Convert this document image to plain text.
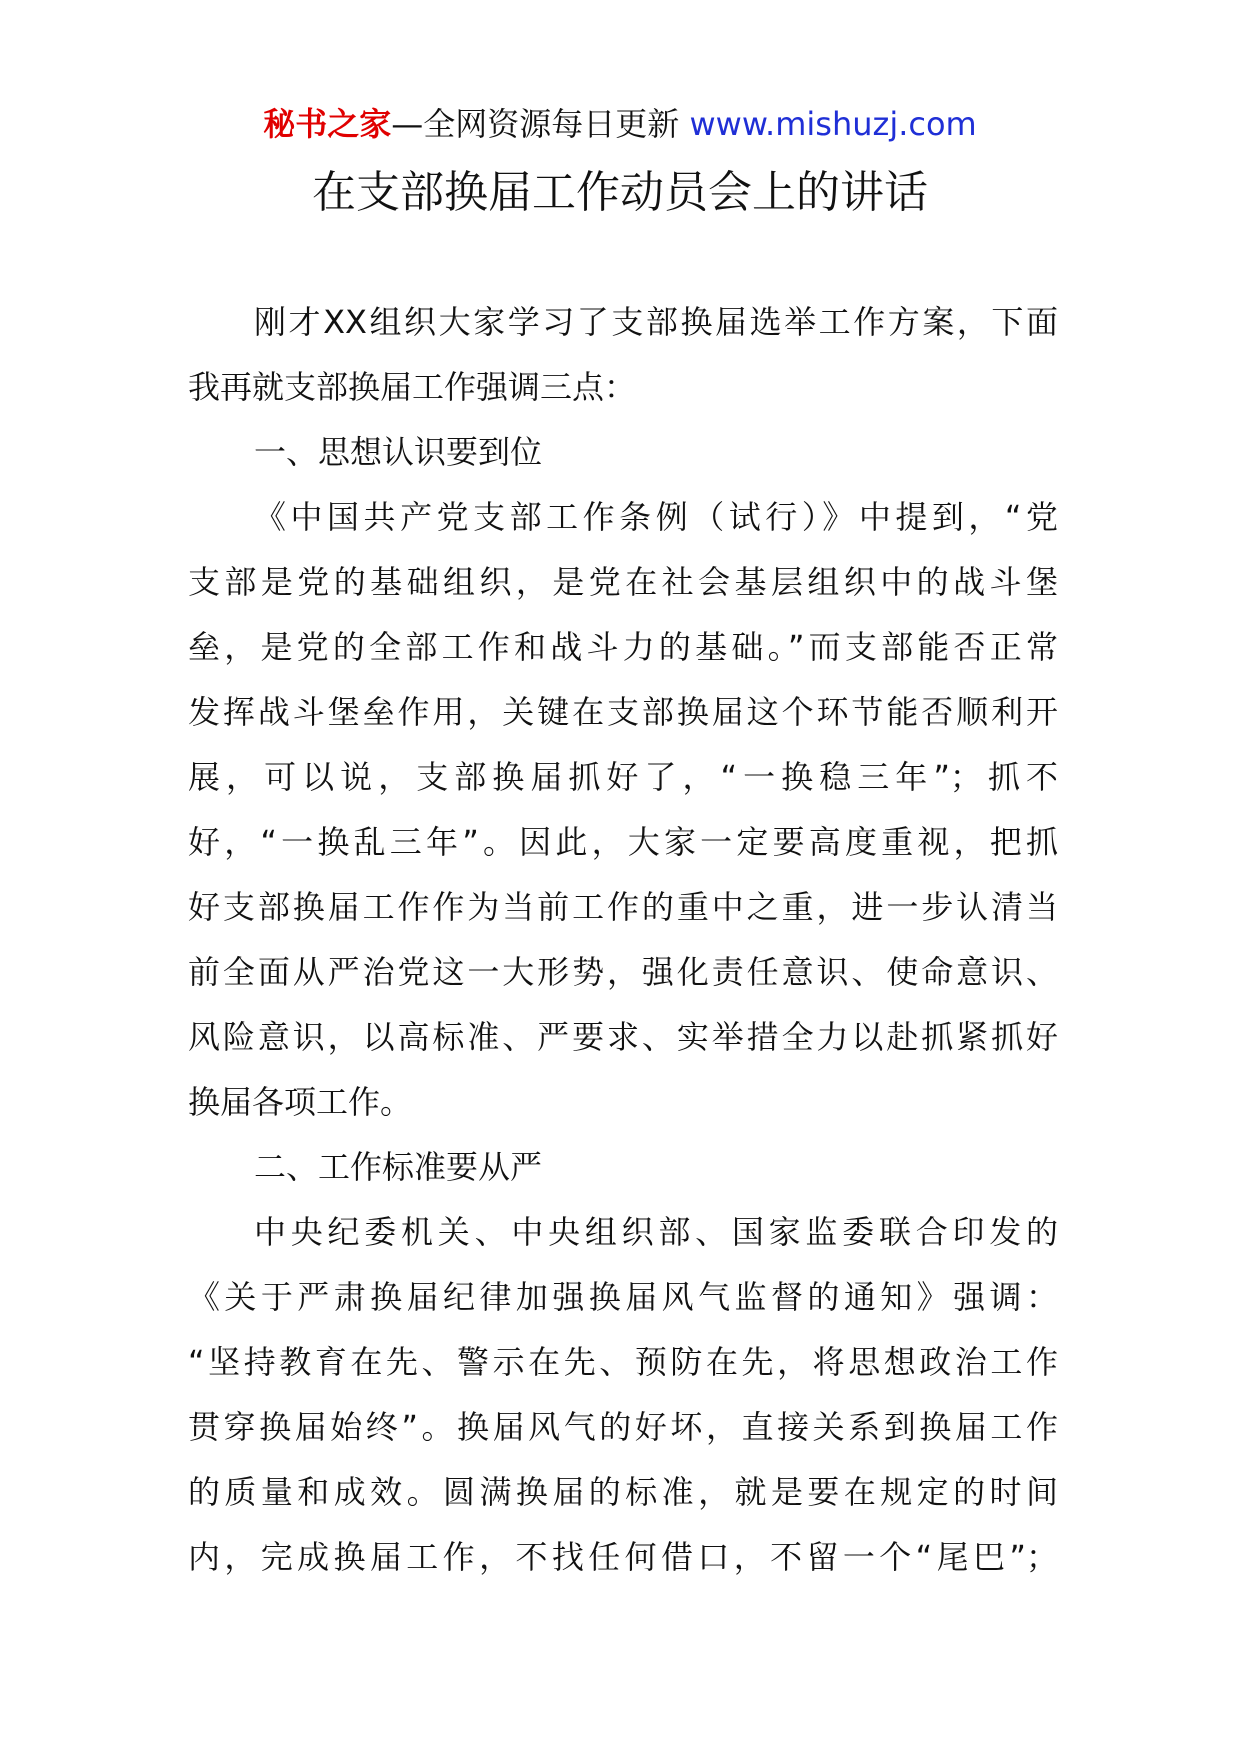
秘书之家—全网资源每日更新 www.mishuzj.com
在支部换届工作动员会上的讲话
刚才XX组织大家学习了支部换届选举工作方案，下面
我再就支部换届工作强调三点：
一、思想认识要到位
《中国共产党支部工作条例（试行）》中提到，“党
支部是党的基础组织，是党在社会基层组织中的战斗堡
垒，是党的全部工作和战斗力的基础。”而支部能否正常
发挥战斗堡垒作用，关键在支部换届这个环节能否顺利开
展，可以说，支部换届抓好了，“一换稳三年”；抓不
好，“一换乱三年”。因此，大家一定要高度重视，把抓
好支部换届工作作为当前工作的重中之重，进一步认清当
前全面从严治党这一大形势，强化责任意识、使命意识、
风险意识，以高标准、严要求、实举措全力以赴抓紧抓好
换届各项工作。
二、工作标准要从严
中央纪委机关、中央组织部、国家监委联合印发的
《关于严肃换届纪律加强换届风气监督的通知》强调：
“坚持教育在先、警示在先、预防在先，将思想政治工作
贯穿换届始终”。换届风气的好坏，直接关系到换届工作
的质量和成效。圆满换届的标准，就是要在规定的时间
内，完成换届工作，不找任何借口，不留一个“尾巴”；
